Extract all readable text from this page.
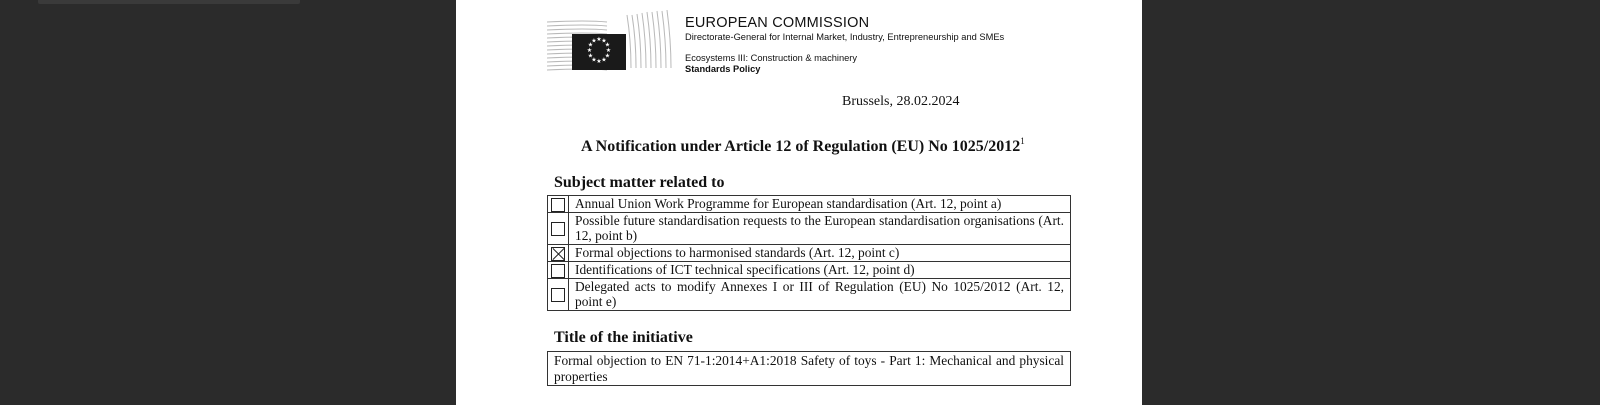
★ ★
★
★
★
★
★
★
★
★
★
★
EUROPEAN COMMISSION
Directorate-General for Internal Market, Industry, Entrepreneurship and SMEs
Ecosystems III: Construction & machinery
Standards Policy
Brussels, 28.02.2024
A Notification under Article 12 of Regulation (EU) No 1025/2012$^1$
Subject matter related to
	Annual Union Work Programme for European standardisation (Art. 12, point a)
	Possible future standardisation requests to the European standardisation organisations (Art. 12, point b)
	Formal objections to harmonised standards (Art. 12, point c)
	Identifications of ICT technical specifications (Art. 12, point d)
	Delegated acts to modify Annexes I or III of Regulation (EU) No 1025/2012 (Art. 12, point e)
Title of the initiative
Formal objection to EN 71-1:2014+A1:2018 Safety of toys - Part 1: Mechanical and physical properties
